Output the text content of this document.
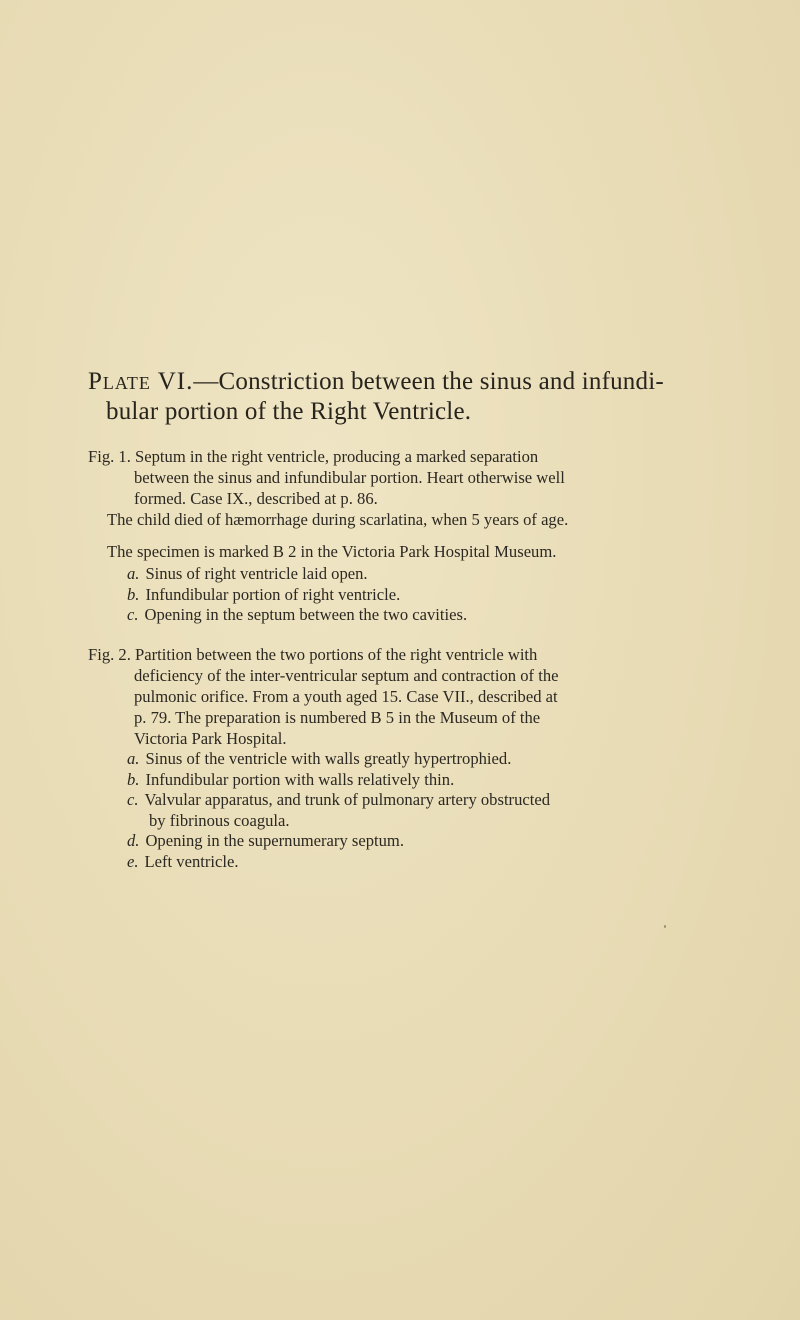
Plate VI.—Constriction between the sinus and infundi-
bular portion of the Right Ventricle.
Fig. 1. Septum in the right ventricle, producing a marked separation
between the sinus and infundibular portion. Heart otherwise well
formed. Case IX., described at p. 86.
The child died of hæmorrhage during scarlatina, when 5 years of age.
The specimen is marked B 2 in the Victoria Park Hospital Museum.
a. Sinus of right ventricle laid open.
b. Infundibular portion of right ventricle.
c. Opening in the septum between the two cavities.
Fig. 2. Partition between the two portions of the right ventricle with
deficiency of the inter-ventricular septum and contraction of the
pulmonic orifice. From a youth aged 15. Case VII., described at
p. 79. The preparation is numbered B 5 in the Museum of the
Victoria Park Hospital.
a. Sinus of the ventricle with walls greatly hypertrophied.
b. Infundibular portion with walls relatively thin.
c. Valvular apparatus, and trunk of pulmonary artery obstructed
by fibrinous coagula.
d. Opening in the supernumerary septum.
e. Left ventricle.
